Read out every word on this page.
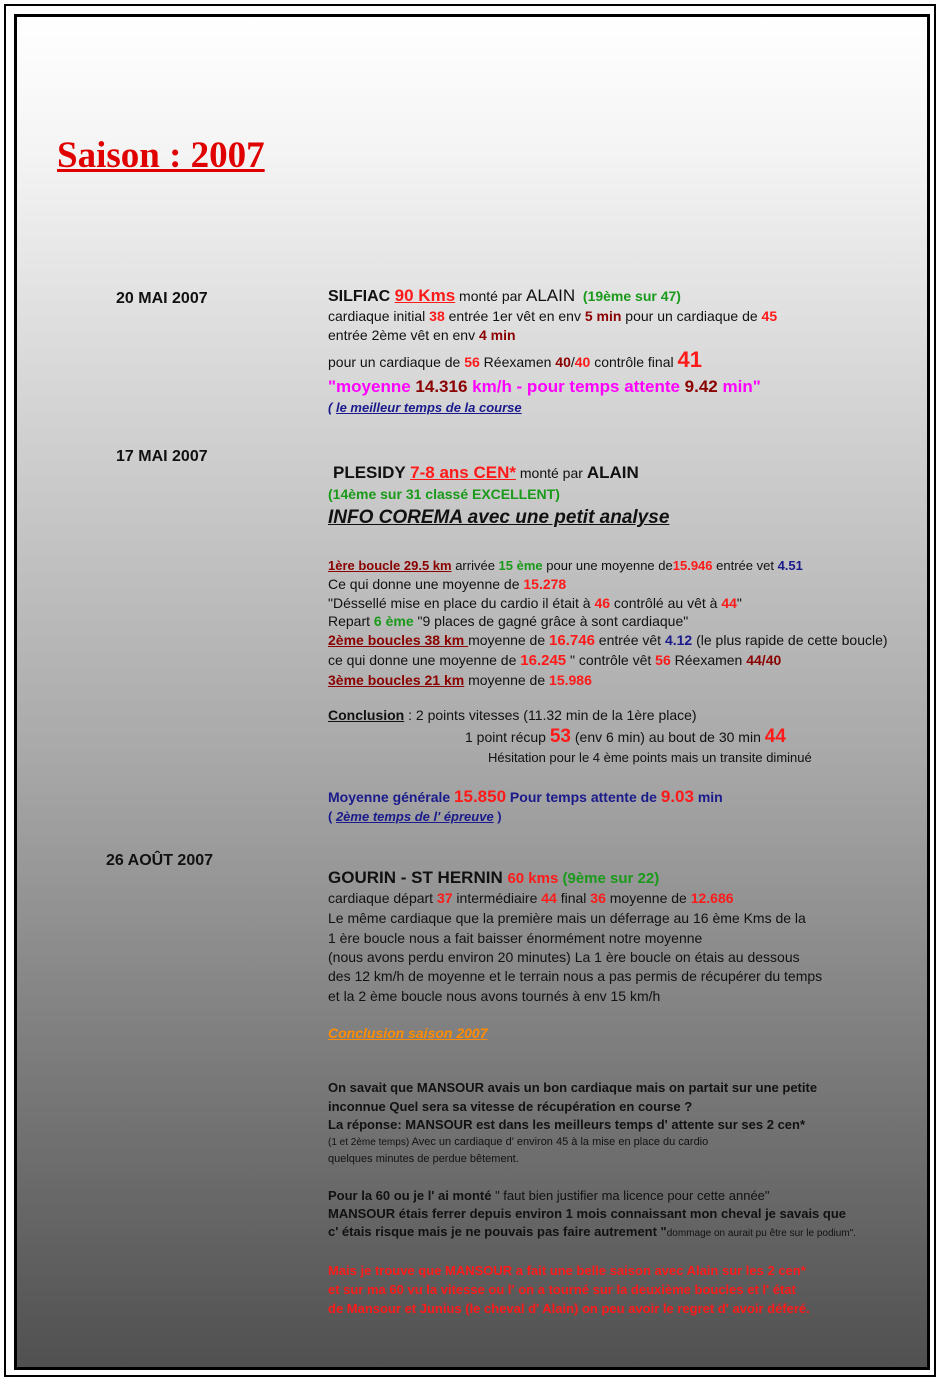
Saison : 2007
20 MAI 2007
17 MAI 2007
26 AOÛT 2007
SILFIAC 90 Kms monté par ALAIN (19ème sur 47)
cardiaque initial 38 entrée 1er vêt en env 5 min pour un cardiaque de 45
entrée 2ème vêt en env 4 min
pour un cardiaque de 56 Réexamen 40/40 contrôle final 41
"moyenne 14.316 km/h - pour temps attente 9.42 min"
( le meilleur temps de la course
PLESIDY 7-8 ans CEN* monté par ALAIN
(14ème sur 31 classé EXCELLENT)
INFO COREMA avec une petit analyse
1ère boucle 29.5 km arrivée 15 ème pour une moyenne de15.946 entrée vet 4.51
Ce qui donne une moyenne de 15.278
"Déssellé mise en place du cardio il était à 46 contrôlé au vêt à 44"
Repart 6 ème "9 places de gagné grâce à sont cardiaque"
2ème boucles 38 km moyenne de 16.746 entrée vêt 4.12 (le plus rapide de cette boucle)
ce qui donne une moyenne de 16.245 " contrôle vêt 56 Réexamen 44/40
3ème boucles 21 km moyenne de 15.986
Conclusion : 2 points vitesses (11.32 min de la 1ère place)
1 point récup 53 (env 6 min) au bout de 30 min 44
Hésitation pour le 4 ème points mais un transite diminué
Moyenne générale 15.850 Pour temps attente de 9.03 min
( 2ème temps de l' épreuve )
GOURIN - ST HERNIN 60 kms (9ème sur 22)
cardiaque départ 37 intermédiaire 44 final 36 moyenne de 12.686
Le même cardiaque que la première mais un déferrage au 16 ème Kms de la
1 ère boucle nous a fait baisser énormément notre moyenne
(nous avons perdu environ 20 minutes) La 1 ère boucle on étais au dessous
des 12 km/h de moyenne et le terrain nous a pas permis de récupérer du temps
et la 2 ème boucle nous avons tournés à env 15 km/h
Conclusion saison 2007
On savait que MANSOUR avais un bon cardiaque mais on partait sur une petite
inconnue Quel sera sa vitesse de récupération en course ?
La réponse: MANSOUR est dans les meilleurs temps d' attente sur ses 2 cen*
(1 et 2ème temps) Avec un cardiaque d' environ 45 à la mise en place du cardio
quelques minutes de perdue bêtement.
Pour la 60 ou je l' ai monté " faut bien justifier ma licence pour cette année"
MANSOUR étais ferrer depuis environ 1 mois connaissant mon cheval je savais que
c' étais risque mais je ne pouvais pas faire autrement "dommage on aurait pu être sur le podium".
Mais je trouve que MANSOUR a fait une belle saison avec Alain sur les 2 cen*
et sur ma 60 vu la vitesse ou l' on a tourné sur la deuxième boucles et l' état
de Mansour et Junius (le cheval d' Alain) on peu avoir le regret d' avoir déferé.
